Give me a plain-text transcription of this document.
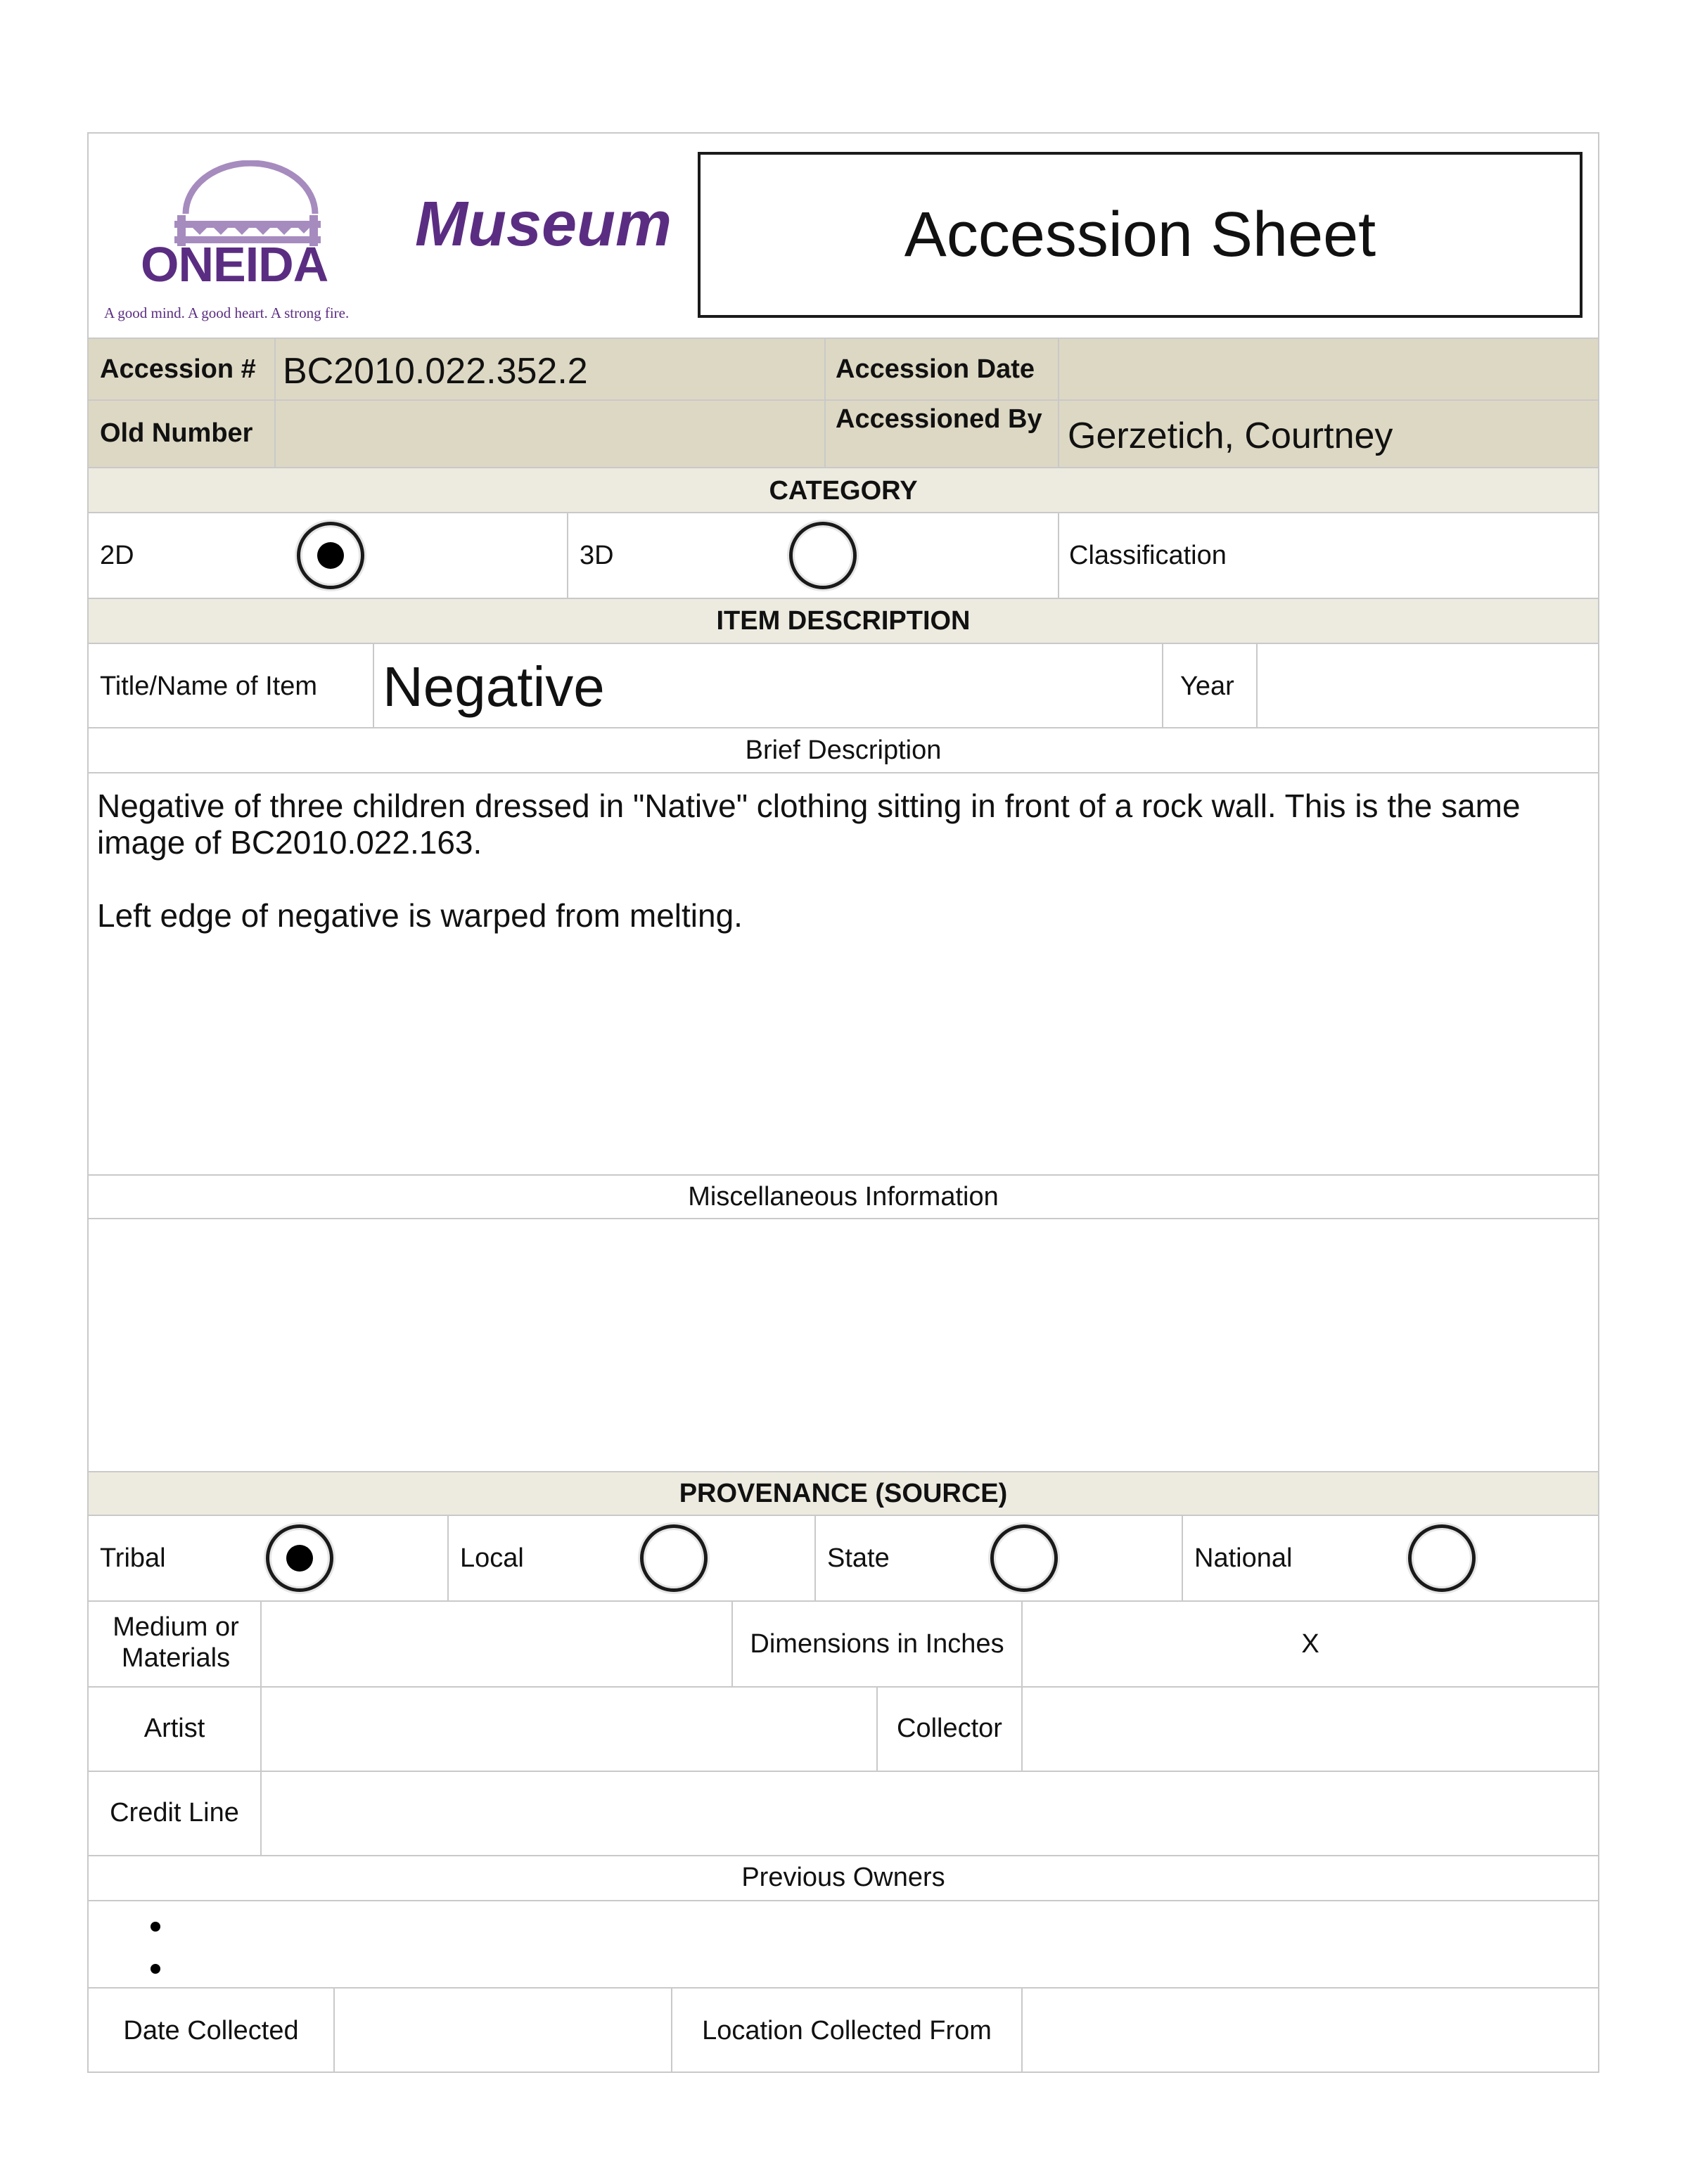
ONEIDA
A good mind. A good heart. A strong fire.
Museum	Accession Sheet
Accession # BC2010.022.352.2	Accession Date
Old Number	Accessioned By Gerzetich, Courtney
CATEGORY
2D	3D	Classification
ITEM DESCRIPTION
Title/Name of Item Negative	Year
Brief Description
Negative of three children dressed in "Native" clothing sitting in front of a rock wall. This is the same image of BC2010.022.163.

Left edge of negative is warped from melting.
Miscellaneous Information
PROVENANCE (SOURCE)
Tribal	Local	State	National
Medium or Materials	Dimensions in Inches	X
Artist	Collector
Credit Line
Previous Owners
Date Collected	Location Collected From
